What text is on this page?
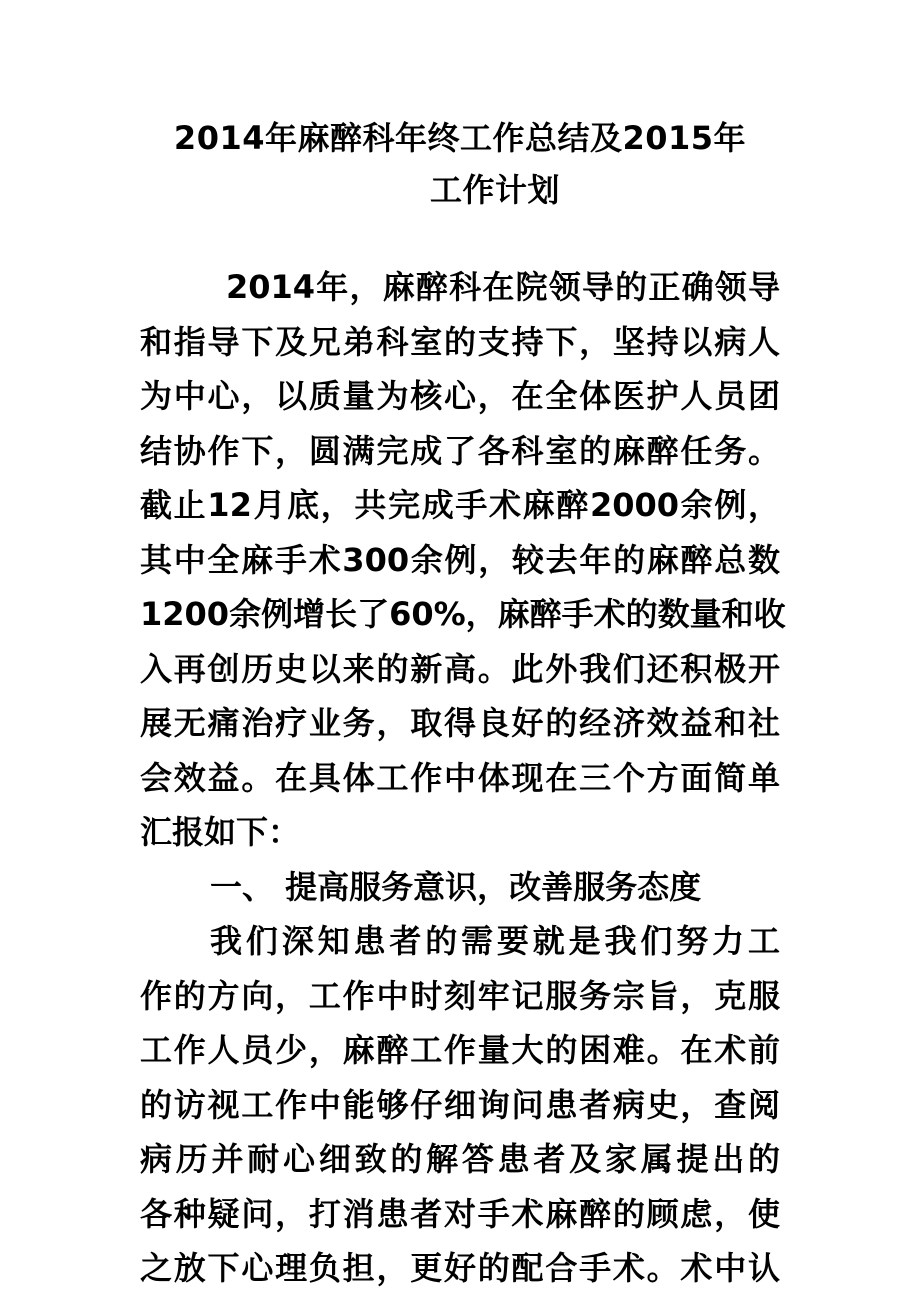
2014年麻醉科年终工作总结及2015年
工作计划
2014年，麻醉科在院领导的正确领导
和指导下及兄弟科室的支持下，坚持以病人
为中心，以质量为核心，在全体医护人员团
结协作下，圆满完成了各科室的麻醉任务。
截止12月底，共完成手术麻醉2000余例，
其中全麻手术300余例，较去年的麻醉总数
1200余例增长了60%，麻醉手术的数量和收
入再创历史以来的新高。此外我们还积极开
展无痛治疗业务，取得良好的经济效益和社
会效益。在具体工作中体现在三个方面简单
汇报如下：
一、 提高服务意识，改善服务态度
我们深知患者的需要就是我们努力工
作的方向，工作中时刻牢记服务宗旨，克服
工作人员少，麻醉工作量大的困难。在术前
的访视工作中能够仔细询问患者病史，查阅
病历并耐心细致的解答患者及家属提出的
各种疑问，打消患者对手术麻醉的顾虑，使
之放下心理负担，更好的配合手术。术中认
